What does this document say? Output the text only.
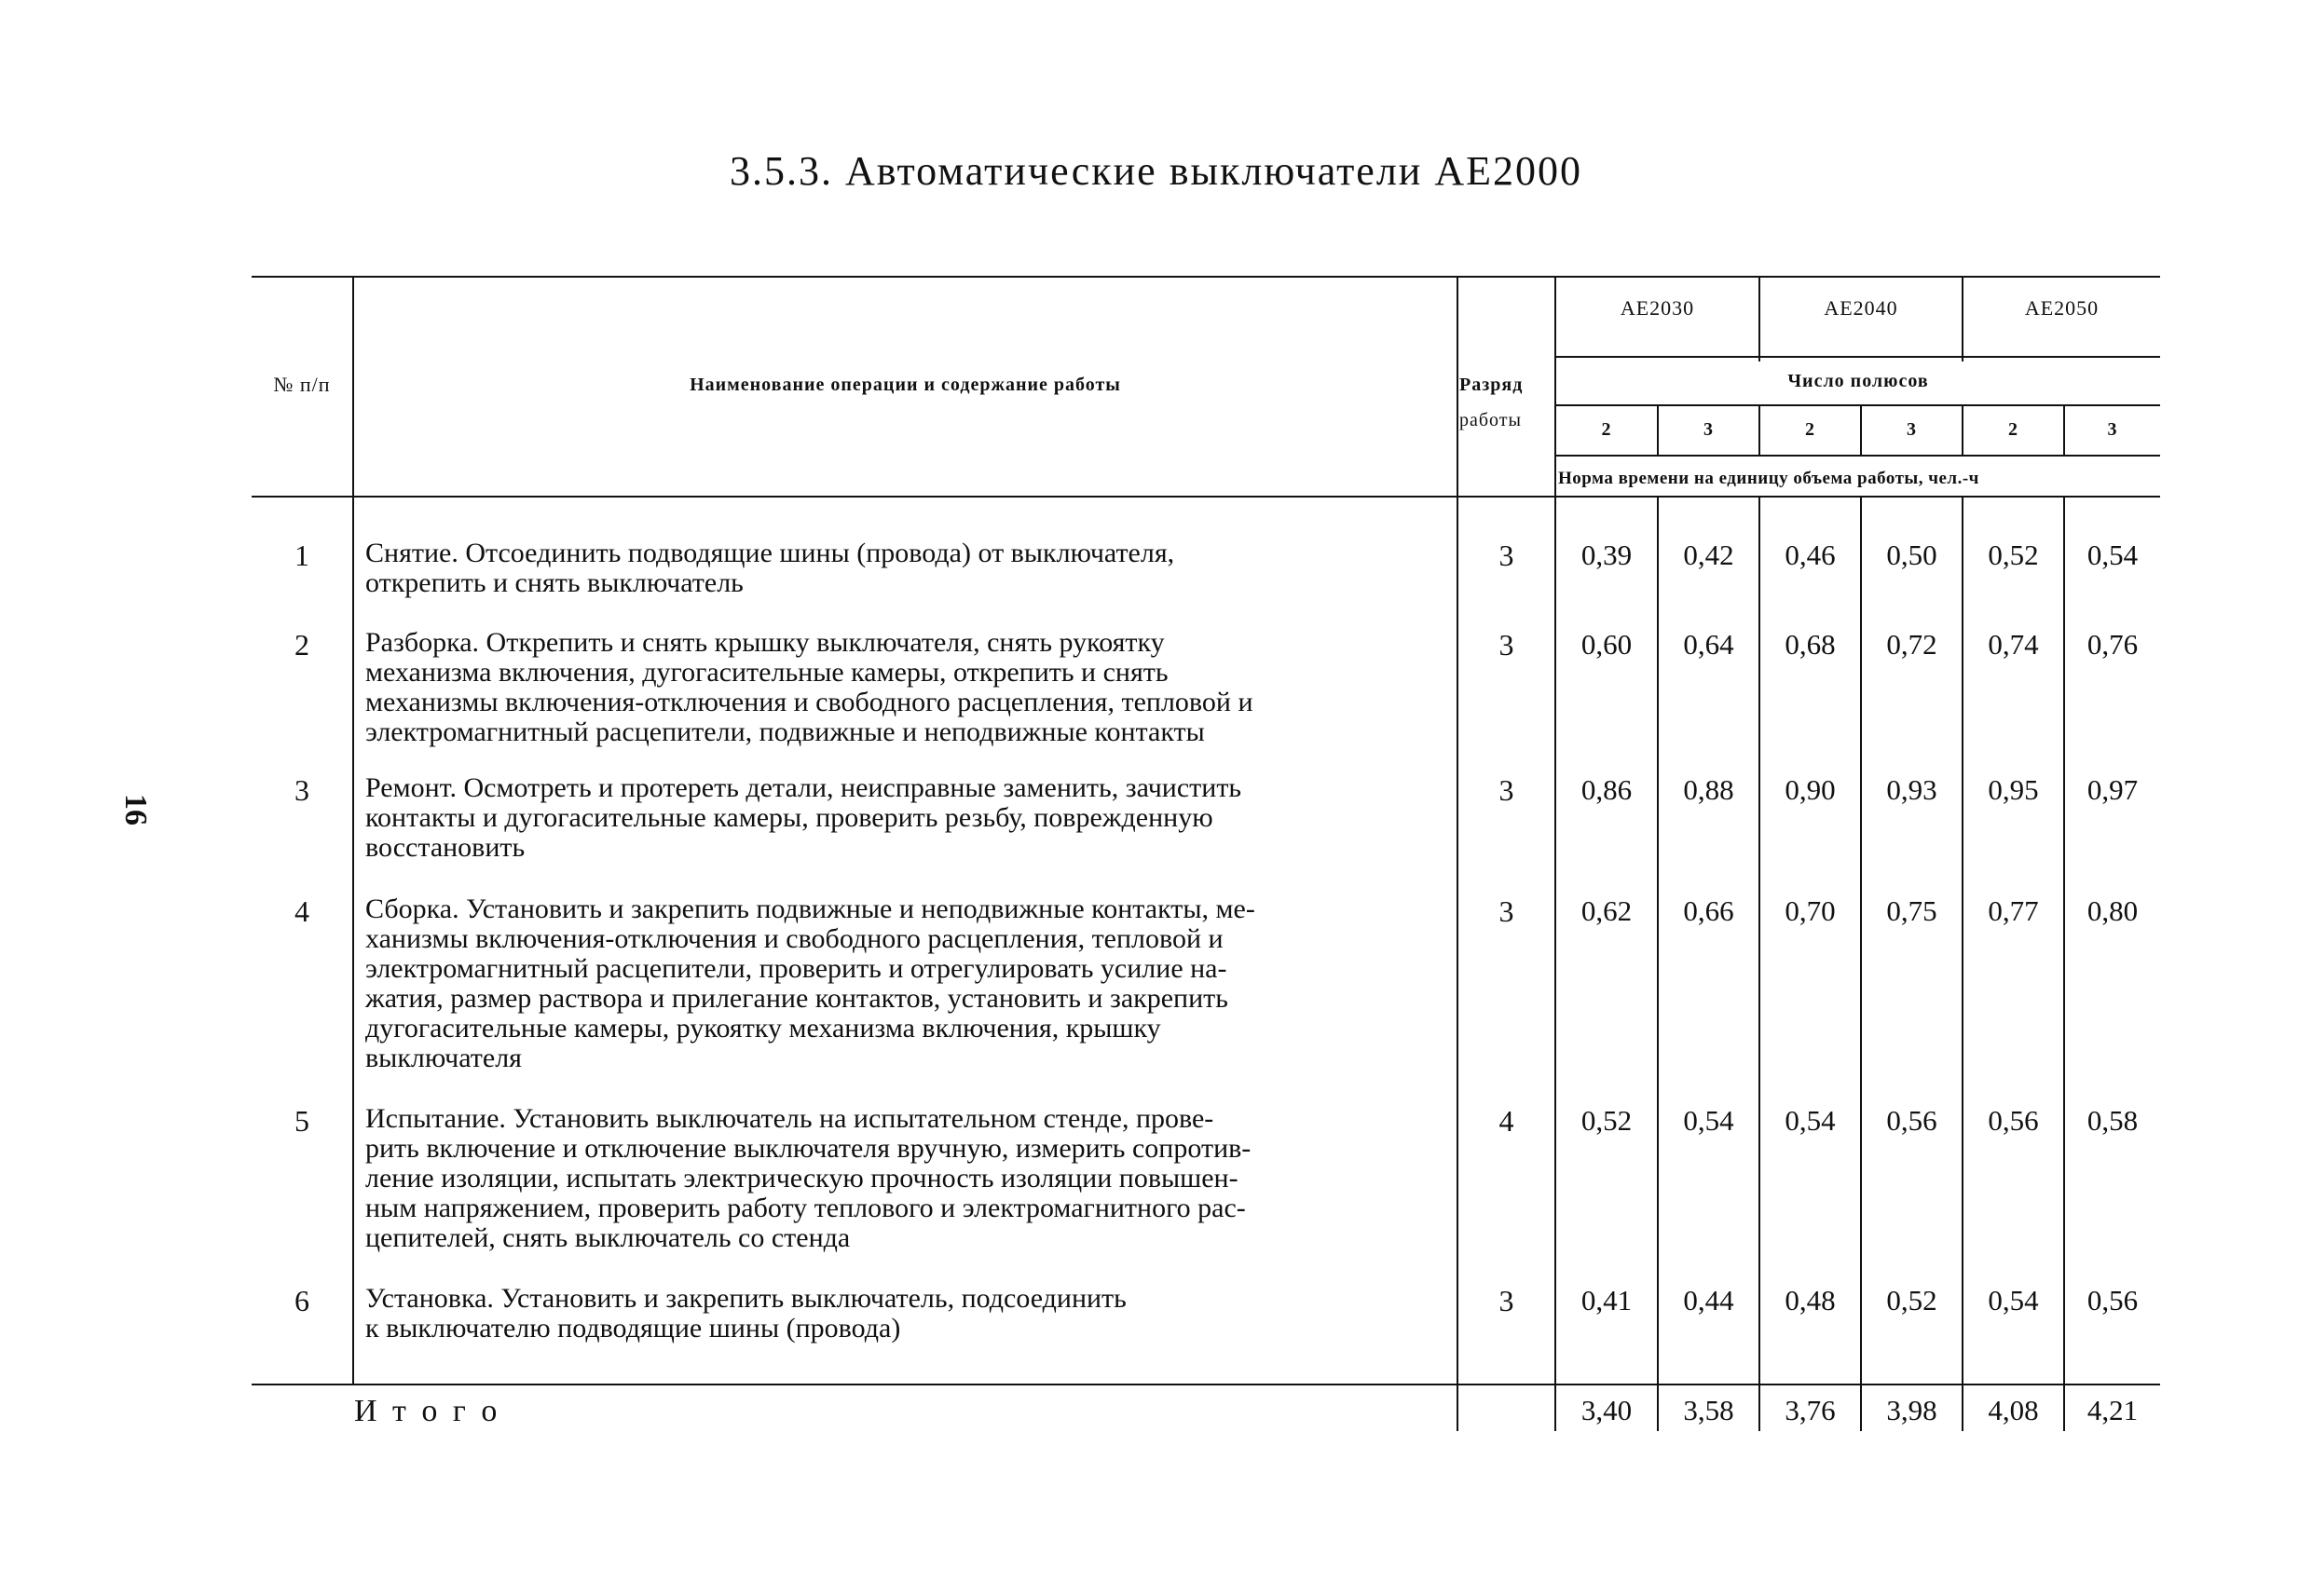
3.5.3. Автоматические выключатели АЕ2000
16
№ п/п	Наименование операции и содержание работы	Разряд
работы
АЕ2030	АЕ2040	АЕ2050
Число полюсов
2	3	2	3	2	3
Норма времени на единицу объема работы, чел.-ч
1	Снятие. Отсоединить подводящие шины (провода) от выключателя,
открепить и снять выключатель
3	0,39	0,42	0,46	0,50	0,52	0,54
2	Разборка. Открепить и снять крышку выключателя, снять рукоятку
механизма включения, дугогасительные камеры, открепить и снять
механизмы включения-отключения и свободного расцепления, тепловой и
электромагнитный расцепители, подвижные и неподвижные контакты
3	0,60	0,64	0,68	0,72	0,74	0,76
3	Ремонт. Осмотреть и протереть детали, неисправные заменить, зачистить
контакты и дугогасительные камеры, проверить резьбу, поврежденную
восстановить
3	0,86	0,88	0,90	0,93	0,95	0,97
4	Сборка. Установить и закрепить подвижные и неподвижные контакты, ме-
ханизмы включения-отключения и свободного расцепления, тепловой и
электромагнитный расцепители, проверить и отрегулировать усилие на-
жатия, размер раствора и прилегание контактов, установить и закрепить
дугогасительные камеры, рукоятку механизма включения, крышку
выключателя
3	0,62	0,66	0,70	0,75	0,77	0,80
5	Испытание. Установить выключатель на испытательном стенде, прове-
рить включение и отключение выключателя вручную, измерить сопротив-
ление изоляции, испытать электрическую прочность изоляции повышен-
ным напряжением, проверить работу теплового и электромагнитного рас-
цепителей, снять выключатель со стенда
4	0,52	0,54	0,54	0,56	0,56	0,58
6	Установка. Установить и закрепить выключатель, подсоединить
к выключателю подводящие шины (провода)
3	0,41	0,44	0,48	0,52	0,54	0,56
И т о г о	3,40	3,58	3,76	3,98	4,08	4,21
